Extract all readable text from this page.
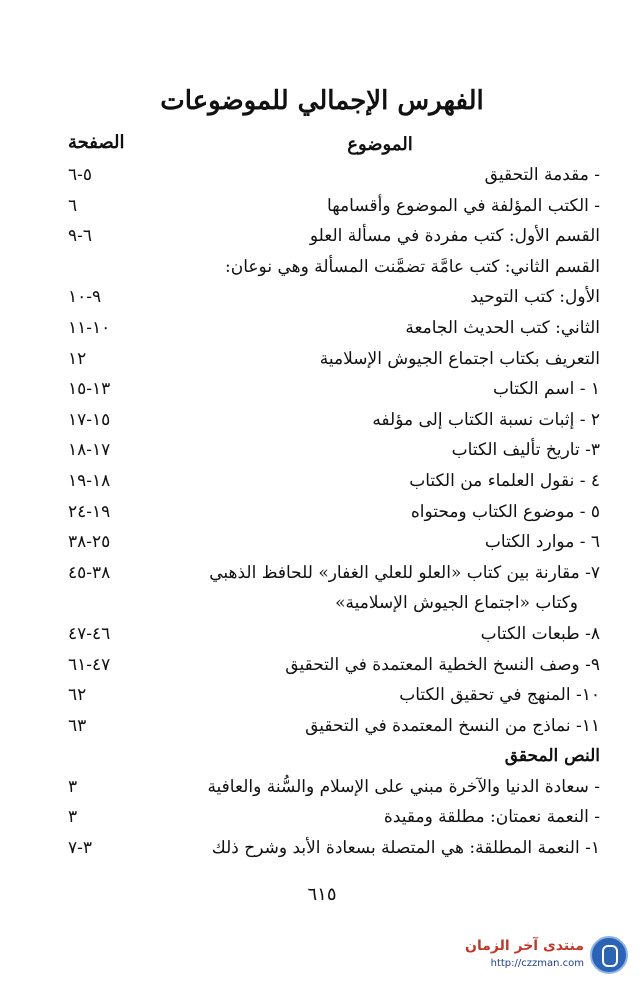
الفهرس الإجمالي للموضوعات
الموضوع
الصفحة
- مقدمة التحقيق
٥-٦
- الكتب المؤلفة في الموضوع وأقسامها
٦
القسم الأول: كتب مفردة في مسألة العلو
٦-٩
القسم الثاني: كتب عامَّة تضمَّنت المسألة وهي نوعان:
الأول: كتب التوحيد
٩-١٠
الثاني: كتب الحديث الجامعة
١٠-١١
التعريف بكتاب اجتماع الجيوش الإسلامية
١٢
١ - اسم الكتاب
١٣-١٥
٢ - إثبات نسبة الكتاب إلى مؤلفه
١٥-١٧
٣- تاريخ تأليف الكتاب
١٧-١٨
٤ - نقول العلماء من الكتاب
١٨-١٩
٥ - موضوع الكتاب ومحتواه
١٩-٢٤
٦ - موارد الكتاب
٢٥-٣٨
٧- مقارنة بين كتاب «العلو للعلي الغفار» للحافظ الذهبي
٣٨-٤٥
وكتاب «اجتماع الجيوش الإسلامية»
٨- طبعات الكتاب
٤٦-٤٧
٩- وصف النسخ الخطية المعتمدة في التحقيق
٤٧-٦١
١٠- المنهج في تحقيق الكتاب
٦٢
١١- نماذج من النسخ المعتمدة في التحقيق
٦٣
النص المحقق
- سعادة الدنيا والآخرة مبني على الإسلام والسُّنة والعافية
٣
- النعمة نعمتان: مطلقة ومقيدة
٣
١- النعمة المطلقة: هي المتصلة بسعادة الأبد وشرح ذلك
٣-٧
٦١٥
منتدى آخر الزمان
http://czzman.com
